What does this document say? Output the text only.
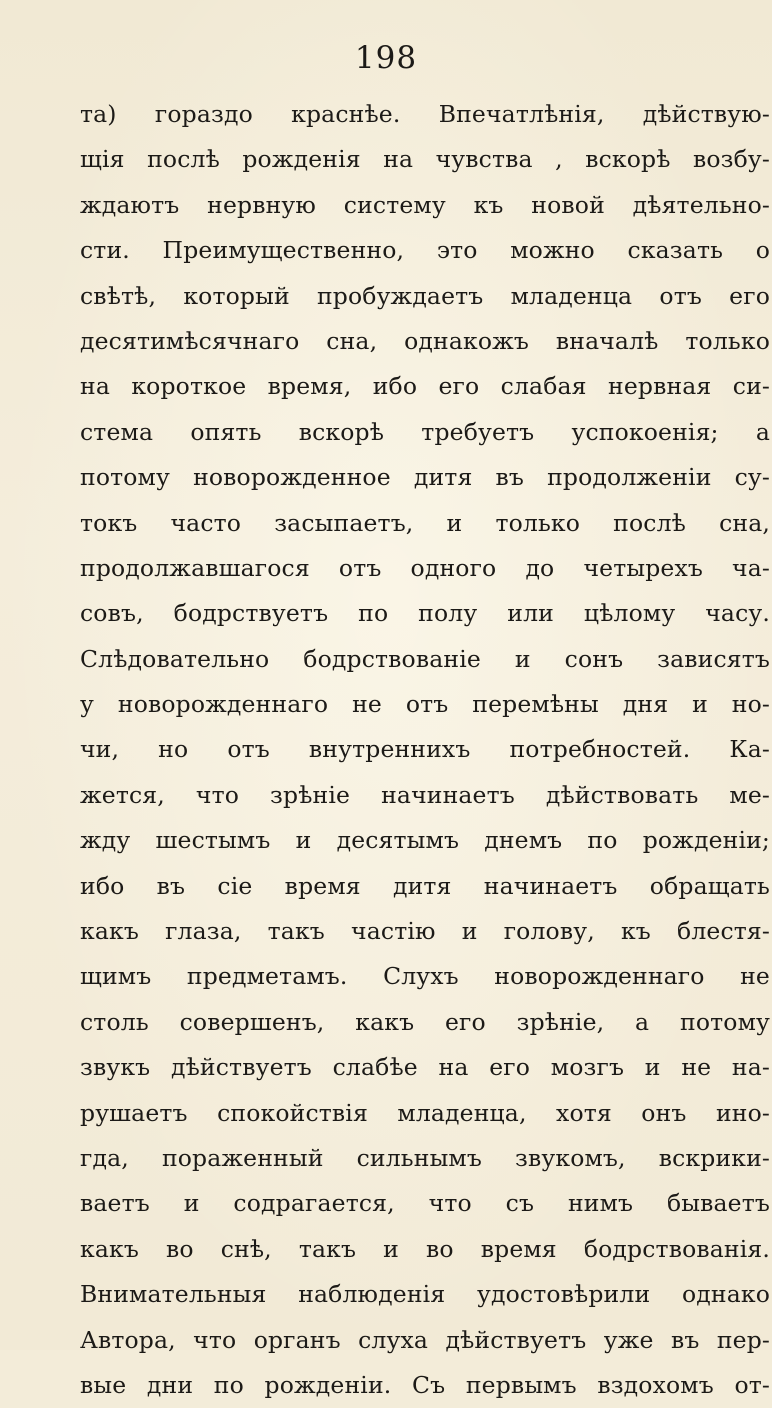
198
та) гораздо краснѣе. Впечатлѣнія, дѣйствую-
щія послѣ рожденія на чувства , вскорѣ возбу-
ждаютъ нервную систему къ новой дѣятельно-
сти. Преимущественно, это можно сказать о
свѣтѣ, который пробуждаетъ младенца отъ его
десятимѣсячнаго сна, однакожъ вначалѣ только
на короткое время, ибо его слабая нервная си-
стема опять вскорѣ требуетъ успокоенія; а
потому новорожденное дитя въ продолженіи су-
токъ часто засыпаетъ, и только послѣ сна,
продолжавшагося отъ одного до четырехъ ча-
совъ, бодрствуетъ по полу или цѣлому часу.
Слѣдовательно бодрствованіе и сонъ зависятъ
у новорожденнаго не отъ перемѣны дня и но-
чи, но отъ внутреннихъ потребностей. Ка-
жется, что зрѣніе начинаетъ дѣйствовать ме-
жду шестымъ и десятымъ днемъ по рожденіи;
ибо въ сіе время дитя начинаетъ обращать
какъ глаза, такъ частію и голову, къ блестя-
щимъ предметамъ. Слухъ новорожденнаго не
столь совершенъ, какъ его зрѣніе, а потому
звукъ дѣйствуетъ слабѣе на его мозгъ и не на-
рушаетъ спокойствія младенца, хотя онъ ино-
гда, пораженный сильнымъ звукомъ, вскрики-
ваетъ и содрагается, что съ нимъ бываетъ
какъ во снѣ, такъ и во время бодрствованія.
Внимательныя наблюденія удостовѣрили однако
Автора, что органъ слуха дѣйствуетъ уже въ пер-
вые дни по рожденіи. Съ первымъ вздохомъ от-
